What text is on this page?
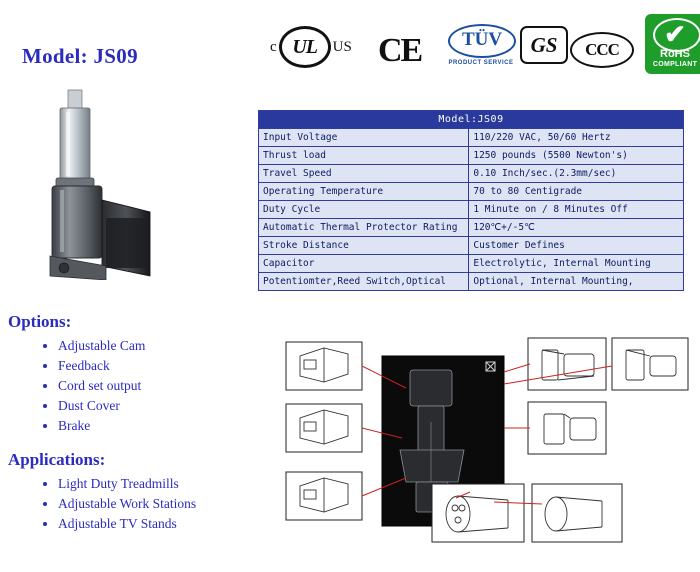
Model: JS09	c UL	US CE	TÜV
PRODUCT SERVICE
GS	CCC
✔
RoHS
COMPLIANT
Model:JS09	
Input Voltage	110/220 VAC, 50/60 Hertz
Thrust load	1250 pounds (5500 Newton's)
Travel Speed	0.10 Inch/sec.(2.3mm/sec)
Operating Temperature	70 to 80 Centigrade
Duty Cycle	1 Minute on / 8 Minutes Off
Automatic Thermal Protector Rating	120℃+/-5℃
Stroke Distance	Customer Defines
Capacitor	Electrolytic, Internal Mounting
Potentiomter,Reed Switch,Optical	Optional, Internal Mounting,
Options:
• Adjustable Cam
• Feedback
• Cord set output
• Dust Cover
• Brake
Applications:
• Light Duty Treadmills
• Adjustable Work Stations
• Adjustable TV Stands
